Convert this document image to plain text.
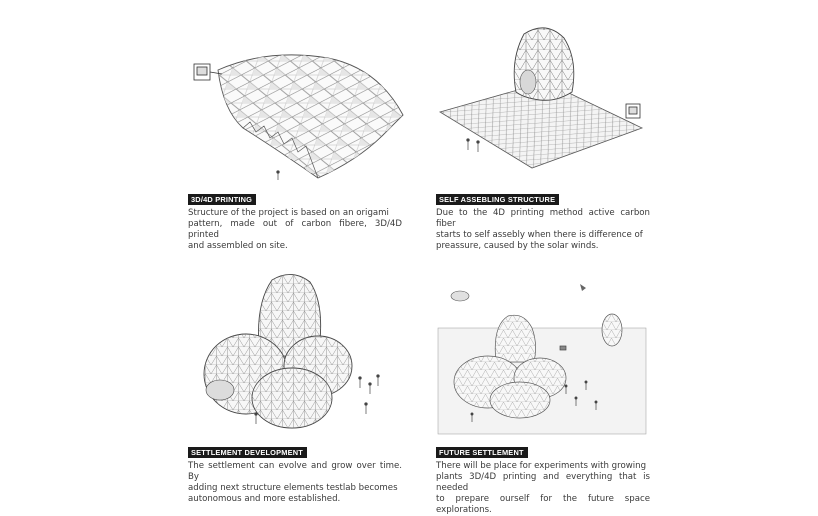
3D/4D PRINTING
Structure of the project is based on an origami
pattern, made out of carbon fibere, 3D/4D printed
and assembled on site.
SELF ASSEBLING STRUCTURE
Due to the 4D printing method active carbon fiber
starts to self assebly when there is difference of
preassure, caused by the solar winds.
SETTLEMENT DEVELOPMENT
The settlement can evolve and grow over time. By
adding next structure elements testlab becomes
autonomous and more established.
FUTURE SETTLEMENT
There will be place for experiments with growing
plants 3D/4D printing and everything that is needed
to prepare ourself for the future space explorations.
